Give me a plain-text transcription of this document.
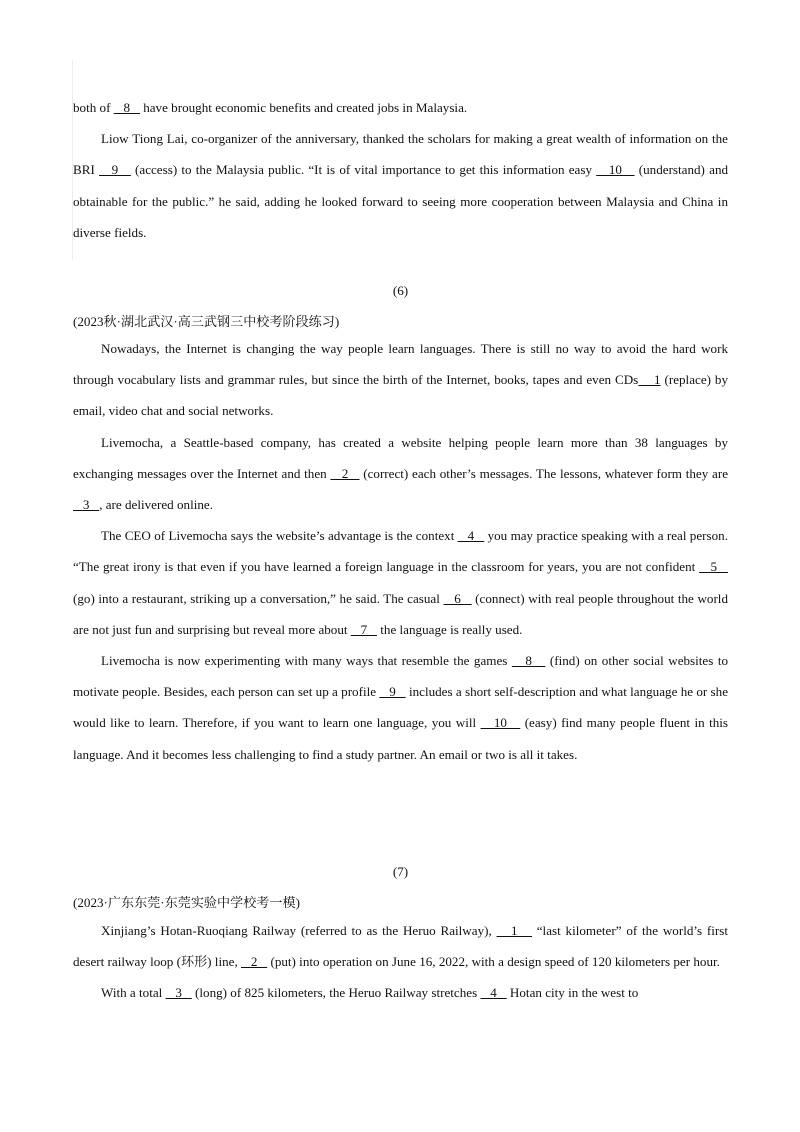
both of    8    have brought economic benefits and created jobs in Malaysia.

Liow Tiong Lai, co-organizer of the anniversary, thanked the scholars for making a great wealth of information on the BRI    9    (access) to the Malaysia public. “It is of vital importance to get this information easy    10    (understand) and obtainable for the public.” he said, adding he looked forward to seeing more cooperation between Malaysia and China in diverse fields.

(6)
(2023秋·湖北武汉·高三武钢三中校考阶段练习)

Nowadays, the Internet is changing the way people learn languages. There is still no way to avoid the hard work through vocabulary lists and grammar rules, but since the birth of the Internet, books, tapes and even CDs    1 (replace) by email, video chat and social networks.

Livemocha, a Seattle-based company, has created a website helping people learn more than 38 languages by exchanging messages over the Internet and then    2    (correct) each other’s messages. The lessons, whatever form they are    3   , are delivered online.

The CEO of Livemocha says the website’s advantage is the context    4    you may practice speaking with a real person. “The great irony is that even if you have learned a foreign language in the classroom for years, you are not confident    5    (go) into a restaurant, striking up a conversation,” he said. The casual    6    (connect) with real people throughout the world are not just fun and surprising but reveal more about    7    the language is really used.

Livemocha is now experimenting with many ways that resemble the games    8    (find) on other social websites to motivate people. Besides, each person can set up a profile    9    includes a short self-description and what language he or she would like to learn. Therefore, if you want to learn one language, you will    10    (easy) find many people fluent in this language. And it becomes less challenging to find a study partner. An email or two is all it takes.

(7)
(2023·广东东莞·东莞实验中学校考一模)

Xinjiang’s Hotan-Ruoqiang Railway (referred to as the Heruo Railway),    1    “last kilometer” of the world’s first desert railway loop (环形) line,    2    (put) into operation on June 16, 2022, with a design speed of 120 kilometers per hour.

With a total    3    (long) of 825 kilometers, the Heruo Railway stretches    4    Hotan city in the west to
